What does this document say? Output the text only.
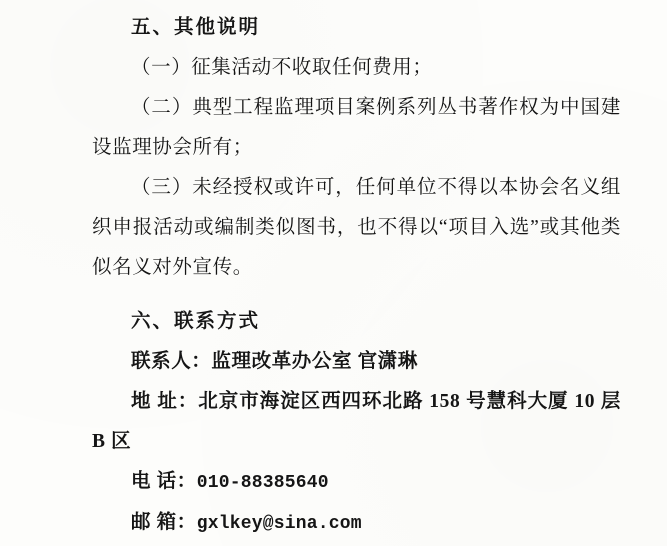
五、其他说明

（一）征集活动不收取任何费用；

（二）典型工程监理项目案例系列丛书著作权为中国建设监理协会所有；

（三）未经授权或许可，任何单位不得以本协会名义组织申报活动或编制类似图书，也不得以“项目入选”或其他类似名义对外宣传。

六、联系方式

联系人：监理改革办公室 官潇琳

地 址：北京市海淀区西四环北路 158 号慧科大厦 10 层 B 区

电 话：010-88385640

邮 箱：gxlkey@sina.com
